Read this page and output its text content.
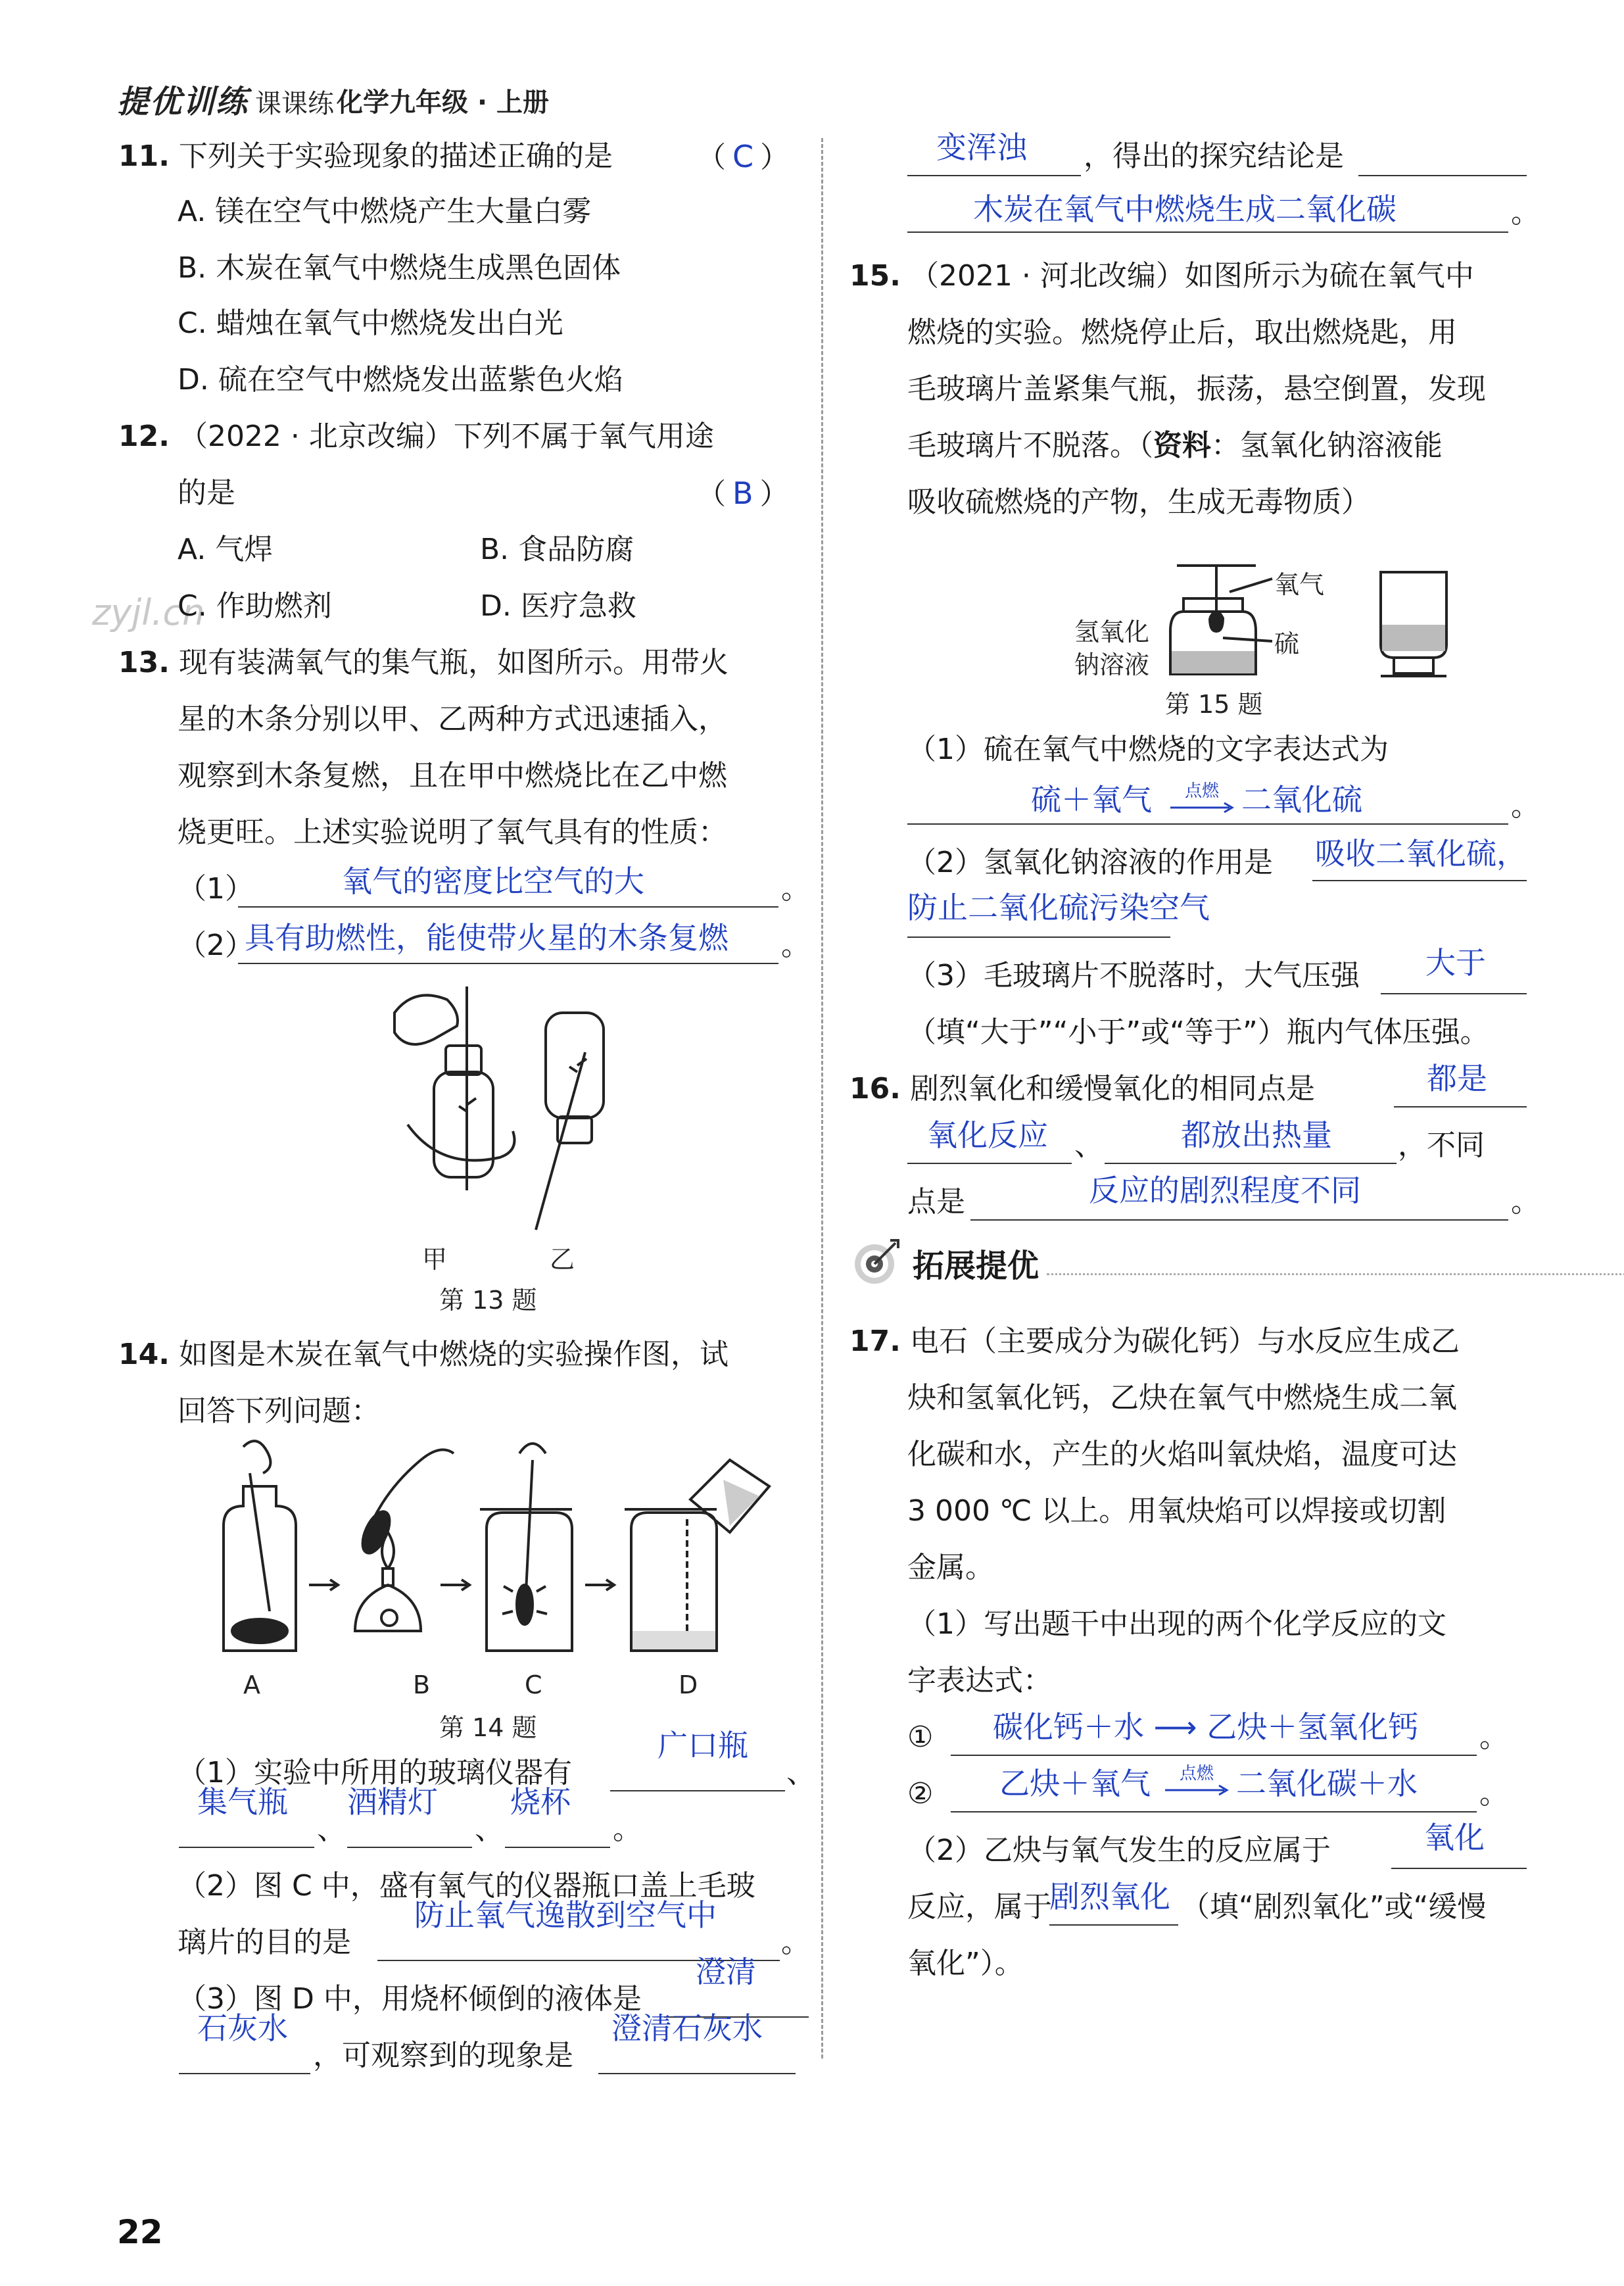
提优训练 课课练 化学九年级 · 上册
zyjl.cn
11. 下列关于实验现象的描述正确的是	（ C ）
A. 镁在空气中燃烧产生大量白雾
B. 木炭在氧气中燃烧生成黑色固体
C. 蜡烛在氧气中燃烧发出白光
D. 硫在空气中燃烧发出蓝紫色火焰
12. （2022 · 北京改编）下列不属于氧气用途
的是	（ B ）
A. 气焊	B. 食品防腐
C. 作助燃剂	D. 医疗急救
13. 现有装满氧气的集气瓶，如图所示。用带火
星的木条分别以甲、乙两种方式迅速插入，
观察到木条复燃，且在甲中燃烧比在乙中燃
烧更旺。上述实验说明了氧气具有的性质：
（1）	氧气的密度比空气的大	。
（2）
具有助燃性，能使带火星的木条复燃 。
甲	乙
第 13 题
14. 如图是木炭在氧气中燃烧的实验操作图，试
回答下列问题：
A	B	C	D
第 14 题
（1）实验中所用的玻璃仪器有
广口瓶
、
集气瓶
、
酒精灯
、
烧杯
。
（2）图 C 中，盛有氧气的仪器瓶口盖上毛玻
璃片的目的是
防止氧气逸散到空气中
。
（3）图 D 中，用烧杯倾倒的液体是
澄清
石灰水
，可观察到的现象是
澄清石灰水
变浑浊 ，得出的探究结论是
木炭在氧气中燃烧生成二氧化碳	。
15. （2021 · 河北改编）如图所示为硫在氧气中
燃烧的实验。燃烧停止后，取出燃烧匙，用
毛玻璃片盖紧集气瓶，振荡，悬空倒置，发现
毛玻璃片不脱落。（资料：氢氧化钠溶液能
吸收硫燃烧的产物，生成无毒物质）
氧气
硫
氢氧化
钠溶液
第 15 题
（1）硫在氧气中燃烧的文字表达式为
硫＋氧气	点燃 二氧化硫	。
（2）氢氧化钠溶液的作用是 吸收二氧化硫，
防止二氧化硫污染空气
（3）毛玻璃片不脱落时，大气压强 大于
（填“大于”“小于”或“等于”）瓶内气体压强。
16. 剧烈氧化和缓慢氧化的相同点是	都是
氧化反应 、	都放出热量 ，不同
点是	反应的剧烈程度不同	。
拓展提优
17. 电石（主要成分为碳化钙）与水反应生成乙
炔和氢氧化钙，乙炔在氧气中燃烧生成二氧
化碳和水，产生的火焰叫氧炔焰，温度可达
3 000 ℃ 以上。用氧炔焰可以焊接或切割
金属。
（1）写出题干中出现的两个化学反应的文
字表达式：
① 碳化钙＋水 ⟶ 乙炔＋氢氧化钙 。
② 乙炔＋氧气	点燃 二氧化碳＋水 。
（2）乙炔与氧气发生的反应属于	氧化
反应，属于
剧烈氧化 （填“剧烈氧化”或“缓慢
氧化”）。
22
